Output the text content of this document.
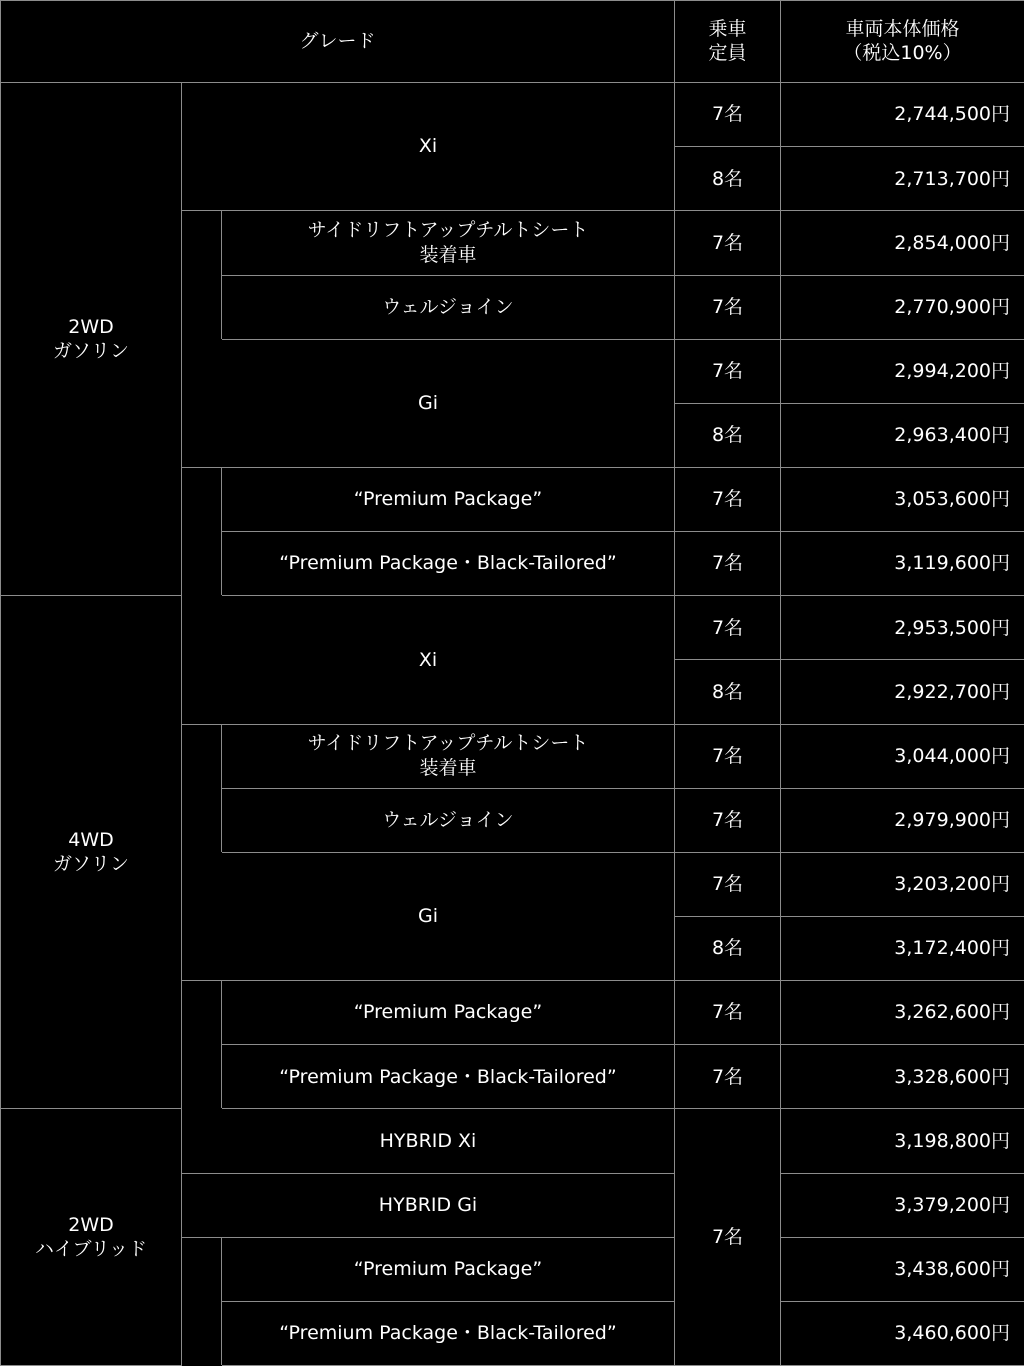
グレード			乗車
定員	車両本体価格
（税込10%）

2WD
ガソリン	Xi		7名	2,744,500円
			8名	2,713,700円

		サイドリフトアップチルトシート
装着車	7名	2,854,000円
		ウェルジョイン	7名	2,770,900円
	Gi		7名	2,994,200円
			8名	2,963,400円
		“Premium Package”	7名	3,053,600円
		“Premium Package・Black-Tailored”	7名	3,119,600円

4WD
ガソリン	Xi		7名	2,953,500円
			8名	2,922,700円

		サイドリフトアップチルトシート
装着車	7名	3,044,000円
		ウェルジョイン	7名	2,979,900円
	Gi		7名	3,203,200円
			8名	3,172,400円
		“Premium Package”	7名	3,262,600円
		“Premium Package・Black-Tailored”	7名	3,328,600円

2WD
ハイブリッド	HYBRID Xi		7名	3,198,800円
	HYBRID Gi			3,379,200円
		“Premium Package”		3,438,600円
		“Premium Package・Black-Tailored”		3,460,600円
